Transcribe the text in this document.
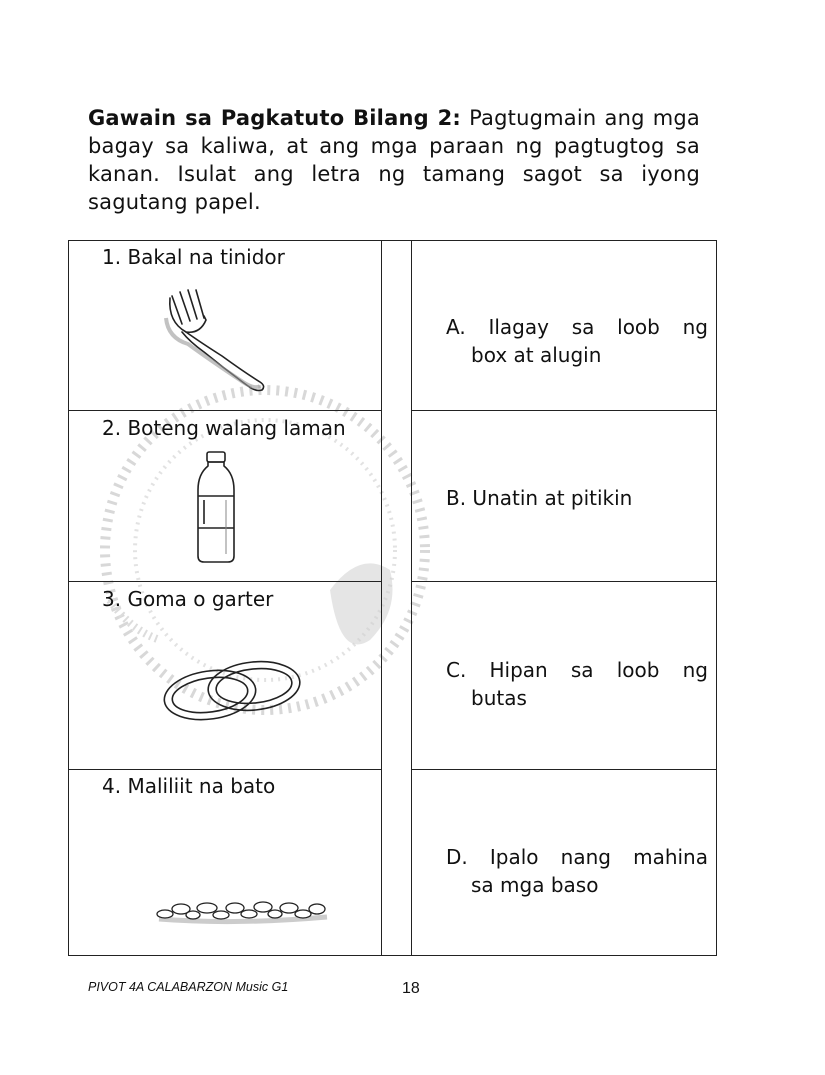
Gawain sa Pagkatuto Bilang 2: Pagtugmain ang mga bagay sa kaliwa, at ang mga paraan ng pagtugtog sa kanan. Isulat ang letra ng tamang sagot sa iyong sagutang papel.
1. Bakal na tinidor
A. Ilagay sa loob ng
box at alugin
2. Boteng walang laman
B. Unatin at pitikin
3. Goma o garter
C. Hipan sa loob ng
butas
4. Maliliit na bato
D. Ipalo nang mahina
sa mga baso
PIVOT 4A CALABARZON Music G1	18
